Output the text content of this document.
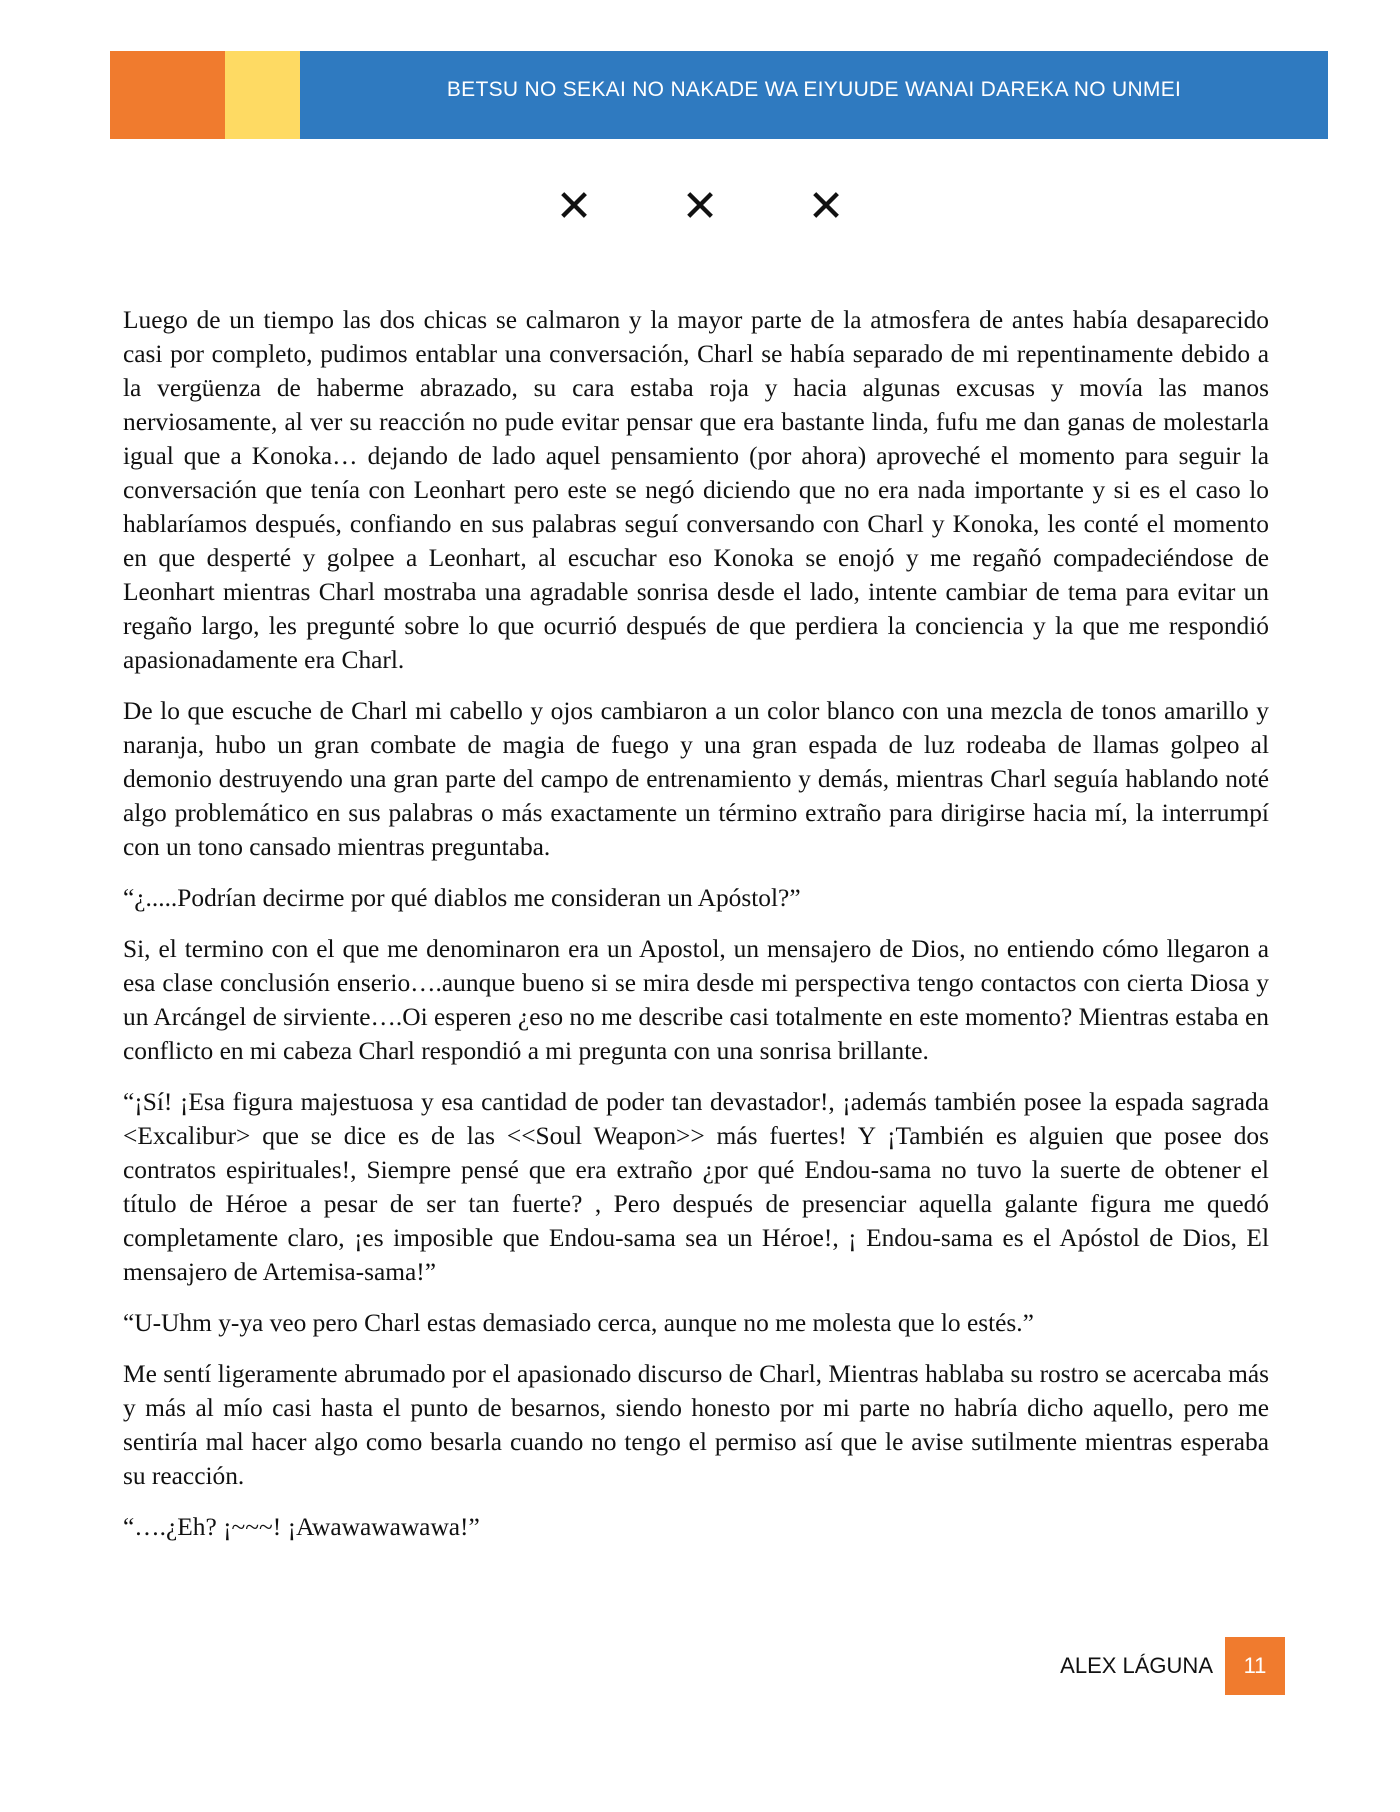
BETSU NO SEKAI NO NAKADE WA EIYUUDE WANAI DAREKA NO UNMEI
✕ ✕ ✕

Luego de un tiempo las dos chicas se calmaron y la mayor parte de la atmosfera de antes había desaparecido casi por completo, pudimos entablar una conversación, Charl se había separado de mi repentinamente debido a la vergüenza de haberme abrazado, su cara estaba roja y hacia algunas excusas y movía las manos nerviosamente, al ver su reacción no pude evitar pensar que era bastante linda, fufu me dan ganas de molestarla igual que a Konoka… dejando de lado aquel pensamiento (por ahora) aproveché el momento para seguir la conversación que tenía con Leonhart pero este se negó diciendo que no era nada importante y si es el caso lo hablaríamos después, confiando en sus palabras seguí conversando con Charl y Konoka, les conté el momento en que desperté y golpee a Leonhart, al escuchar eso Konoka se enojó y me regañó compadeciéndose de Leonhart mientras Charl mostraba una agradable sonrisa desde el lado, intente cambiar de tema para evitar un regaño largo, les pregunté sobre lo que ocurrió después de que perdiera la conciencia y la que me respondió apasionadamente era Charl.

De lo que escuche de Charl mi cabello y ojos cambiaron a un color blanco con una mezcla de tonos amarillo y naranja, hubo un gran combate de magia de fuego y una gran espada de luz rodeaba de llamas golpeo al demonio destruyendo una gran parte del campo de entrenamiento y demás, mientras Charl seguía hablando noté algo problemático en sus palabras o más exactamente un término extraño para dirigirse hacia mí, la interrumpí con un tono cansado mientras preguntaba.

“¿.....Podrían decirme por qué diablos me consideran un Apóstol?”

Si, el termino con el que me denominaron era un Apostol, un mensajero de Dios, no entiendo cómo llegaron a esa clase conclusión enserio….aunque bueno si se mira desde mi perspectiva tengo contactos con cierta Diosa y un Arcángel de sirviente….Oi esperen ¿eso no me describe casi totalmente en este momento? Mientras estaba en conflicto en mi cabeza Charl respondió a mi pregunta con una sonrisa brillante.

“¡Sí! ¡Esa figura majestuosa y esa cantidad de poder tan devastador!, ¡además también posee la espada sagrada <Excalibur> que se dice es de las <<Soul Weapon>> más fuertes! Y ¡También es alguien que posee dos contratos espirituales!, Siempre pensé que era extraño ¿por qué Endou-sama no tuvo la suerte de obtener el título de Héroe a pesar de ser tan fuerte? , Pero después de presenciar aquella galante figura me quedó completamente claro, ¡es imposible que Endou-sama sea un Héroe!, ¡ Endou-sama es el Apóstol de Dios, El mensajero de Artemisa-sama!”

“U-Uhm y-ya veo pero Charl estas demasiado cerca, aunque no me molesta que lo estés.”

Me sentí ligeramente abrumado por el apasionado discurso de Charl, Mientras hablaba su rostro se acercaba más y más al mío casi hasta el punto de besarnos, siendo honesto por mi parte no habría dicho aquello, pero me sentiría mal hacer algo como besarla cuando no tengo el permiso así que le avise sutilmente mientras esperaba su reacción.

“….¿Eh? ¡~~~! ¡Awawawawawa!”

ALEX LÁGUNA	11
